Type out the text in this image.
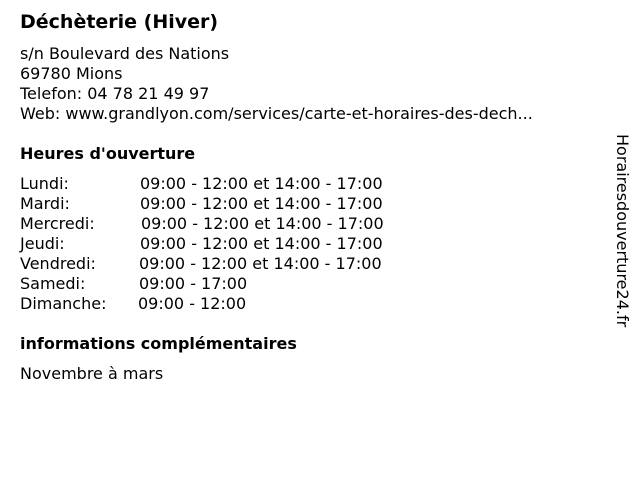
Déchèterie (Hiver)
s/n Boulevard des Nations
69780 Mions
Telefon: 04 78 21 49 97
Web: www.grandlyon.com/services/carte-et-horaires-des-dech...
Heures d'ouverture
Lundi:	09:00 - 12:00 et 14:00 - 17:00
Mardi:	09:00 - 12:00 et 14:00 - 17:00
Mercredi:	09:00 - 12:00 et 14:00 - 17:00
Jeudi:	09:00 - 12:00 et 14:00 - 17:00
Vendredi:	09:00 - 12:00 et 14:00 - 17:00
Samedi:	09:00 - 17:00
Dimanche: 09:00 - 12:00
informations complémentaires
Novembre à mars
Horairesdouverture24.fr
